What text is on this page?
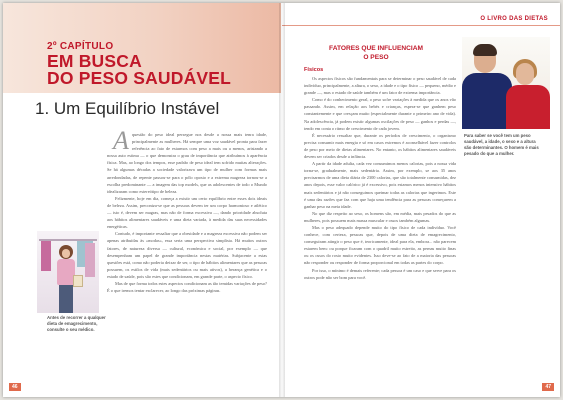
2º CAPÍTULO
EM BUSCA
DO PESO SAUDÁVEL
1. Um Equilíbrio Instável
A questão do peso ideal persegue nos desde a nossa mais tenra idade, principalmente as mulheres. Há sempre uma voz saudável pronta para fazer referência ao fato de estarmos com peso a mais ou a menos, aristando a nossa auto estima — o que demonstra o grau de importância que atribuímos à aparência física. Mas, ao longo dos tempos, esse padrão de peso ideal tem sofrido muitas alterações. Se há algumas décadas a sociedade valorizava um tipo de mulher com formas mais arredondadas, de repente passou-se para o pólo oposto e a extrema magreza tornou-se a escolha predominante — a imagem das top models, que as adolescentes de todo o Mundo idealizaram como estereótipo de beleza.

Felizmente, hoje em dia, começa a existir um certo equilíbrio entre esses dois ideais de beleza. Assim, preconiza-se que as pessoas devem ter um corpo harmonioso e atlético — isto é, devem ser magras, mas não de forma excessiva —, dando prioridade absoluta aos hábitos alimentares saudáveis e uma dieta variada, à medida das suas necessidades energéticas.

Contudo, é importante ressaltar que a obesidade e a magreza excessiva não podem ser apenas atribuídas às «modas», essa seria uma perspectiva simplista. Há muitos outros fatores, de natureza diversa — cultural, económica e social, por exemplo — que desempenham um papel de grande importância nestas matérias. Subjacente a estas questões está, como não poderia deixar de ser, o tipo de hábitos alimentares que as pessoas possuem, os estilos de vida (mais sedentários ou mais ativos), a herança genética e o estado de saúde, pois são estes que condicionam, em grande parte, o aspecto físico.

Mas de que forma todos estes aspectos condicionam as tão temidas variações de peso? É o que iremos tentar esclarecer, ao longo das próximas páginas.

Antes de recorrer a qualquer dieta de emagrecimento, consulte o seu médico.
46
O LIVRO DAS DIETAS
FATORES QUE INFLUENCIAM
O PESO
Físicos

Os aspectos físicos são fundamentais para se determinar o peso saudável de cada indivíduo, principalmente, a altura, o sexo, a idade e o tipo físico — pequeno, médio e grande —, mas o estado de saúde também é um fator de extrema importância.

Como é do conhecimento geral, o peso sofre variações à medida que os anos vão passando. Assim, em relação aos bebés e crianças, espera-se que ganhem peso constantemente e que cresçam muito (especialmente durante o primeiro ano de vida). Na adolescência, já podem existir algumas oscilações de peso — ganhos e perdas —, tendo em conta o ritmo de crescimento de cada jovem.

É necessário ressaltar que, durante os períodos de crescimento, o organismo precisa consumir mais energia e só em casos extremos é aconselhável fazer controlos de peso por meio de dietas alimentares. No entanto, os hábitos alimentares saudáveis devem ser criados desde a infância.

A partir da idade adulta, cada vez consumimos menos calorias, pois a nossa vida torna-se, gradualmente, mais sedentária. Assim, por exemplo, se aos 35 anos precisarmos de uma dieta diária de 2300 calorias, que são totalmente consumidas, dez anos depois, esse valor calórico já é excessivo, pois estamos menos intensivo hábitos mais sedentários e já não conseguimos queimar todas as calorias que ingerimos. Este é uma das razões que faz com que haja uma tendência para as pessoas começarem a ganhar peso na meia idade.

No que diz respeito ao sexo, os homens são, em média, mais pesados do que as mulheres, pois possuem mais massa muscular e ossos também algumas.

Mas o peso adequado depende muito do tipo físico de cada indivíduo. Você conhece, com certeza, pessoas que, depois de uma dieta de emagrecimento, conseguiram atingir o peso que é, teoricamente, ideal para ela, embora... não parecem estarem bem: ou porque ficaram com o quadril muito estreito, as pernas muito finas ou os ossos do rosto muito evidentes. Isso deve-se ao fato de a maioria das pessoas não responder ou responder de forma proporcional em todas as partes do corpo.

Por isso, o mínimo é demais referente; cada pessoa é um caso e que serve para os outros pode não ser bom para você.

Para saber se você tem um peso saudável, a idade, o sexo e a altura são determinantes. O homem é mais pesado do que a mulher.
47
